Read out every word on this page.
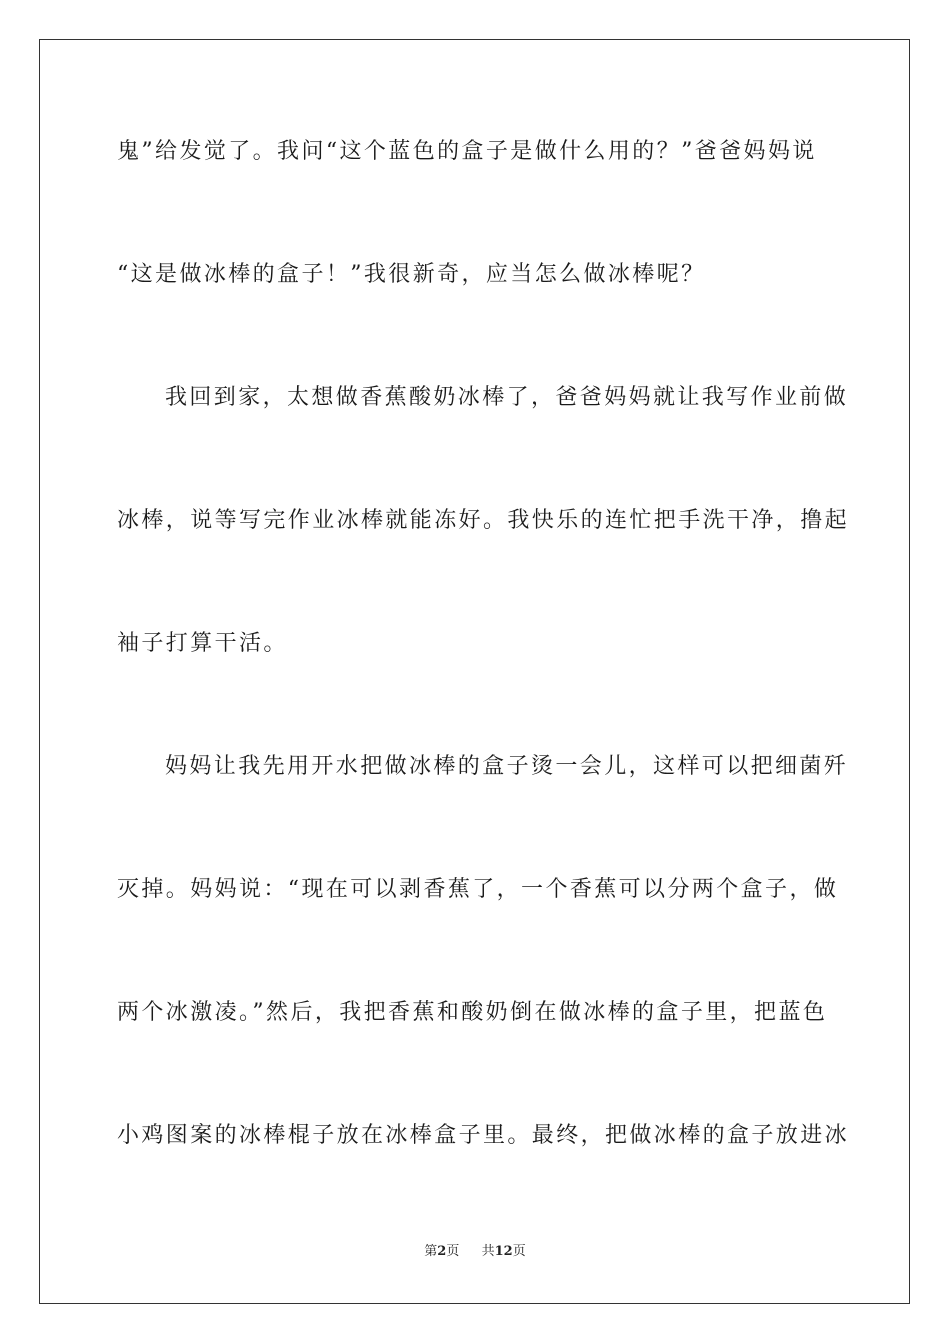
鬼”给发觉了。我问“这个蓝色的盒子是做什么用的？”爸爸妈妈说
“这是做冰棒的盒子！”我很新奇，应当怎么做冰棒呢？
我回到家，太想做香蕉酸奶冰棒了，爸爸妈妈就让我写作业前做
冰棒，说等写完作业冰棒就能冻好。我快乐的连忙把手洗干净，撸起
袖子打算干活。
妈妈让我先用开水把做冰棒的盒子烫一会儿，这样可以把细菌歼
灭掉。妈妈说：“现在可以剥香蕉了，一个香蕉可以分两个盒子，做
两个冰激凌。”然后，我把香蕉和酸奶倒在做冰棒的盒子里，把蓝色
小鸡图案的冰棒棍子放在冰棒盒子里。最终，把做冰棒的盒子放进冰
第2页 共12页
